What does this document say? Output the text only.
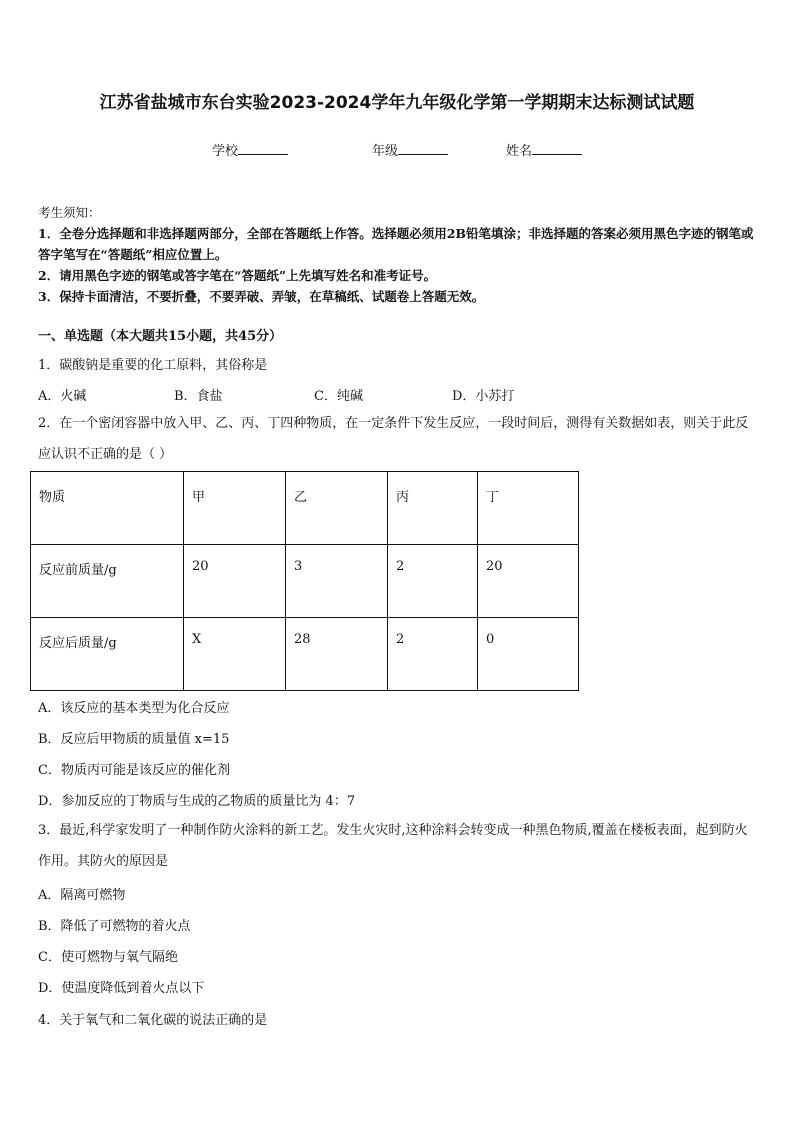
江苏省盐城市东台实验2023-2024学年九年级化学第一学期期末达标测试试题
学校	年级	姓名
考生须知：
1．全卷分选择题和非选择题两部分，全部在答题纸上作答。选择题必须用2B铅笔填涂；非选择题的答案必须用黑色字迹的钢笔或答字笔写在“答题纸”相应位置上。
2．请用黑色字迹的钢笔或答字笔在“答题纸”上先填写姓名和准考证号。
3．保持卡面清洁，不要折叠，不要弄破、弄皱，在草稿纸、试题卷上答题无效。
一、单选题（本大题共15小题，共45分）
1．碳酸钠是重要的化工原料，其俗称是
A．火碱	B．食盐	C．纯碱	D．小苏打
2．在一个密闭容器中放入甲、乙、丙、丁四种物质，在一定条件下发生反应，一段时间后，测得有关数据如表，则关于此反应认识不正确的是（ ）
物质	甲	乙	丙	丁
反应前质量/g	20	3	2	20
反应后质量/g	X	28	2	0
A．该反应的基本类型为化合反应
B．反应后甲物质的质量值 x=15
C．物质丙可能是该反应的催化剂
D．参加反应的丁物质与生成的乙物质的质量比为 4：7
3．最近,科学家发明了一种制作防火涂料的新工艺。发生火灾时,这种涂料会转变成一种黑色物质,覆盖在楼板表面，起到防火作用。其防火的原因是
A．隔离可燃物
B．降低了可燃物的着火点
C．使可燃物与氧气隔绝
D．使温度降低到着火点以下
4．关于氧气和二氧化碳的说法正确的是
